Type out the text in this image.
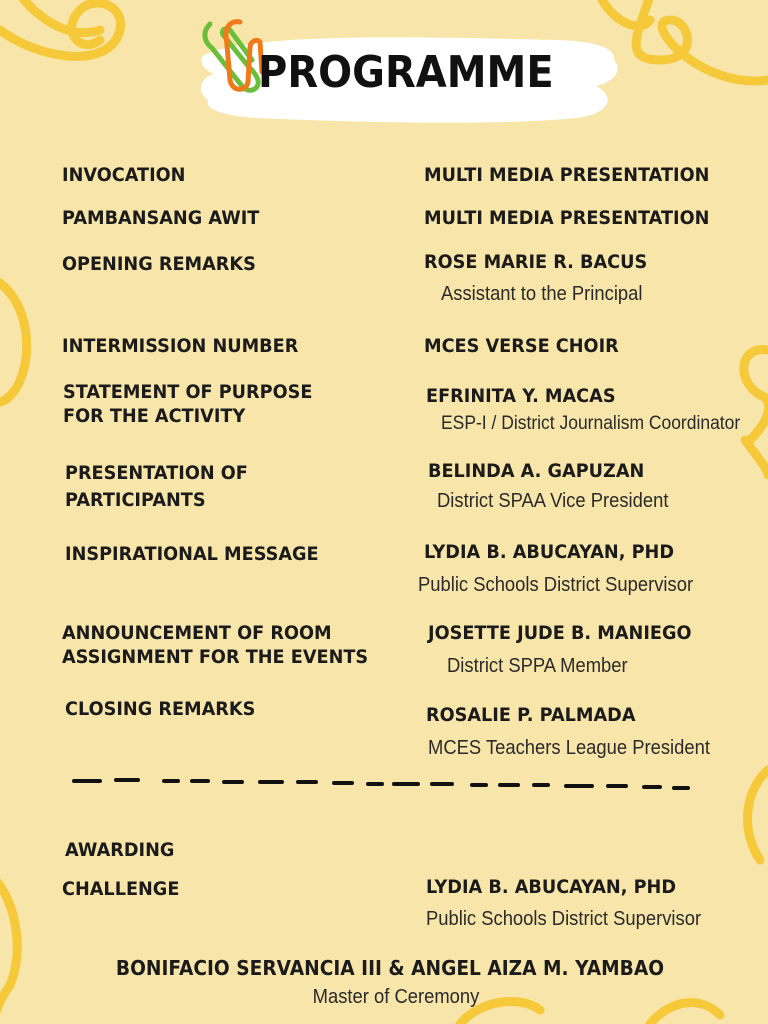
PROGRAMME
INVOCATION
PAMBANSANG AWIT
OPENING REMARKS
INTERMISSION NUMBER
STATEMENT OF PURPOSE
FOR THE ACTIVITY
PRESENTATION OF
PARTICIPANTS
INSPIRATIONAL MESSAGE
ANNOUNCEMENT OF ROOM
ASSIGNMENT FOR THE EVENTS
CLOSING REMARKS
AWARDING
CHALLENGE
MULTI MEDIA PRESENTATION
MULTI MEDIA PRESENTATION
ROSE MARIE R. BACUS
Assistant to the Principal
MCES VERSE CHOIR
EFRINITA Y. MACAS
ESP-I / District Journalism Coordinator
BELINDA A. GAPUZAN
District SPAA Vice President
LYDIA B. ABUCAYAN, PHD
Public Schools District Supervisor
JOSETTE JUDE B. MANIEGO
District SPPA Member
ROSALIE P. PALMADA
MCES Teachers League President
LYDIA B. ABUCAYAN, PHD
Public Schools District Supervisor
BONIFACIO SERVANCIA III & ANGEL AIZA M. YAMBAO
Master of Ceremony
